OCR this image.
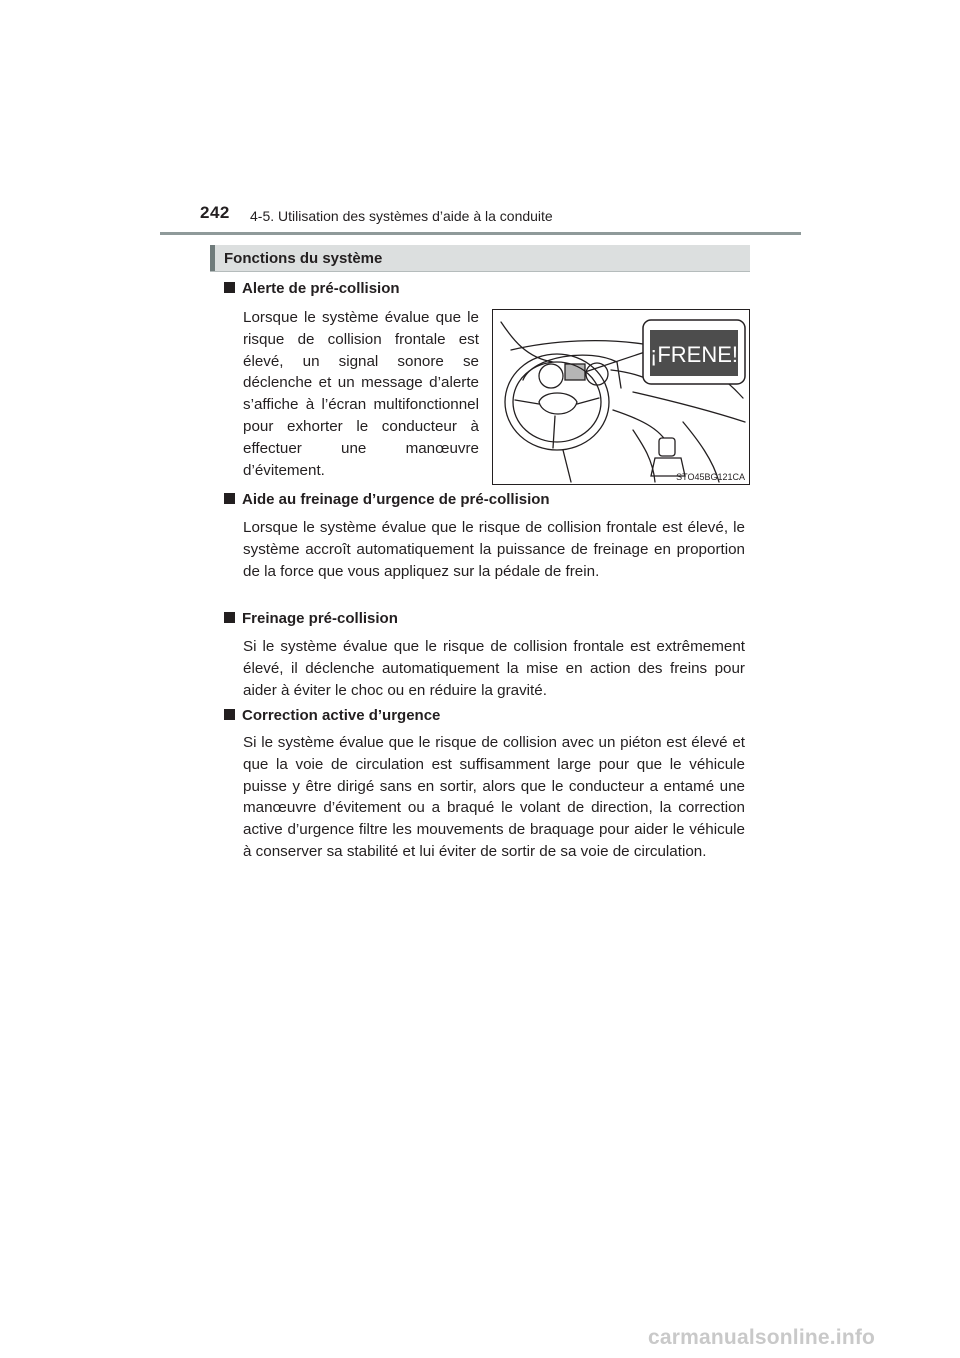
242 4-5. Utilisation des systèmes d’aide à la conduite
Fonctions du système
Alerte de pré-collision

Lorsque le système évalue que le risque de collision frontale est élevé, un signal sonore se déclenche et un message d’alerte s’affiche à l’écran multifonctionnel pour exhorter le conducteur à effectuer une manœuvre d’évitement.

¡FRENE!
STO45BG121CA
Aide au freinage d’urgence de pré-collision

Lorsque le système évalue que le risque de collision frontale est élevé, le système accroît automatiquement la puissance de freinage en proportion de la force que vous appliquez sur la pédale de frein.

Freinage pré-collision

Si le système évalue que le risque de collision frontale est extrêmement élevé, il déclenche automatiquement la mise en action des freins pour aider à éviter le choc ou en réduire la gravité.

Correction active d’urgence

Si le système évalue que le risque de collision avec un piéton est élevé et que la voie de circulation est suffisamment large pour que le véhicule puisse y être dirigé sans en sortir, alors que le conducteur a entamé une manœuvre d’évitement ou a braqué le volant de direction, la correction active d’urgence filtre les mouvements de braquage pour aider le véhicule à conserver sa stabilité et lui éviter de sortir de sa voie de circulation.

carmanualsonline.info
